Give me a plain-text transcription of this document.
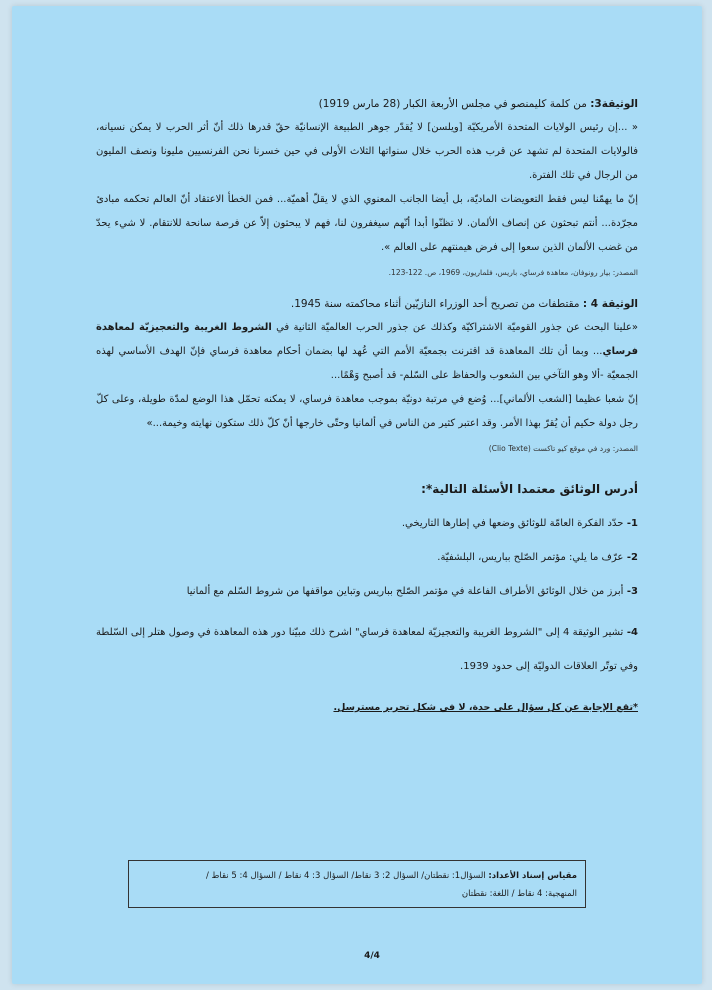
الوثيقة3: من كلمة كليمنصو في مجلس الأربعة الكبار (28 مارس 1919)

« ...إن رئيس الولايات المتحدة الأمريكيّة [ويلسن] لا يُقدّر جوهر الطبيعة الإنسانيّة حقّ قدرها ذلك أنّ أثر الحرب لا يمكن نسيانه، فالولايات المتحدة لم تشهد عن قرب هذه الحرب خلال سنواتها الثلاث الأولى في حين خسرنا نحن الفرنسيين مليونا ونصف المليون من الرجال في تلك الفترة.

إنّ ما يهمّنا ليس فقط التعويضات الماديّة، بل أيضا الجانب المعنوي الذي لا يقلّ أهميّة... فمن الخطأ الاعتقاد أنّ العالم تحكمه مبادئ مجرّدة... أنتم تبحثون عن إنصاف الألمان. لا تظنّوا أبدا أنّهم سيغفرون لنا، فهم لا يبحثون إلاّ عن فرصة سانحة للانتقام. لا شيء يحدّ من غضب الألمان الذين سعوا إلى فرض هيمنتهم على العالم ».

المصدر: بيار رونوفان، معاهدة فرساي، باريس، فلماريون، 1969، ص. 122-123.

الوثيقة 4 : مقتطفات من تصريح أحد الوزراء النازيّين أثناء محاكمته سنة 1945.

«علينا البحث عن جذور القوميّة الاشتراكيّة وكذلك عن جذور الحرب العالميّة الثانية في الشروط الغريبة والتعجيزيّة لمعاهدة فرساي... وبما أن تلك المعاهدة قد اقترنت بجمعيّة الأمم التي عُهد لها بضمان أحكام معاهدة فرساي فإنّ الهدف الأساسي لهذه الجمعيّة -ألا وهو التآخي بين الشعوب والحفاظ على السّلم- قد أصبح وَهْمًا...

إنّ شعبا عظيما [الشعب الألماني]... وُضع في مرتبة دونيّة بموجب معاهدة فرساي، لا يمكنه تحمّل هذا الوضع لمدّة طويلة، وعلى كلّ رجل دولة حكيم أن يُقرّ بهذا الأمر. وقد اعتبر كثير من الناس في ألمانيا وحتّى خارجها أنّ كلّ ذلك ستكون نهايته وخيمة...»

المصدر: ورد في موقع كيو تاكست (Clio Texte)

أدرس الوثائق معتمدا الأسئلة التالية*:

1- حدّد الفكرة العامّة للوثائق وضعها في إطارها التاريخي.

2- عرّف ما يلي: مؤتمر الصّلح بباريس، البلشفيّة.

3- أبرز من خلال الوثائق الأطراف الفاعلة في مؤتمر الصّلح بباريس وتباين مواقفها من شروط السّلم مع ألمانيا

4- تشير الوثيقة 4 إلى "الشروط الغريبة والتعجيزيّة لمعاهدة فرساي" اشرح ذلك مبيّنا دور هذه المعاهدة في وصول هتلر إلى السّلطة وفي توتّر العلاقات الدوليّة إلى حدود 1939.

*تقع الإجابة عن كل سؤال على حدة، لا في شكل تحرير مسترسل.

مقياس إسناد الأعداد: السؤال1: نقطتان/ السؤال 2: 3 نقاط/ السؤال 3: 4 نقاط / السؤال 4: 5 نقاط /
المنهجية: 4 نقاط / اللغة: نقطتان
4/4
